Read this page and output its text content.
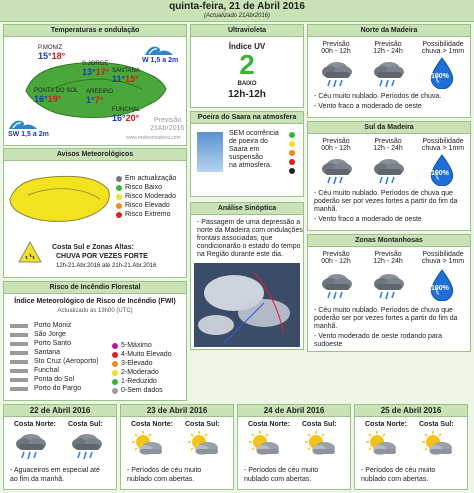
quinta-feira, 21 de Abril 2016
(Actualizado 21Abr2016)
Temperaturas e ondulação
P.MONIZ
15°18°
S.JORGE
13°17° SANTANA
11°15°
PONTA DO SOL
16°19°
AREEIRO
1°7°
FUNCHAL
16°20°
W 1,5 a 2m
SW 1,5 a 2m
Previsão
21Abr2016
www.meteomadeira.com
Ultravioleta
Índice UV
2
BAIXO
12h-12h
Norte da Madeira
Previsão
00h - 12h
Previsão
12h - 24h
Possibilidade
chuva > 1mm
100%
- Céu muito nublado. Períodos de chuva.
- Vento fraco a moderado de oeste
Poeira do Saara na atmosfera
SEM ocorrência
de poeira do
Saara em
suspensão
na atmosfera.
Avisos Meteorológicos
Em actualização
Risco Baixo
Risco Moderado
Risco Elevado
Risco Extremo
Costa Sul e Zonas Altas:
CHUVA POR VEZES FORTE
12h-21.Abr.2016 até 21h-21.Abr.2016
Sul da Madeira
Previsão
00h - 12h
Previsão
12h - 24h
Possibilidade
chuva > 1mm
100%
- Céu muito nublado. Períodos de chuva que
poderão ser por vezes fortes a partir do fim da
manhã.
- Vento fraco a moderado de oeste
Análise Sinóptica
- Passagem de uma depressão a
norte da Madeira com ondulações
frontais associadas, que
condicionarão o estado do tempo
na Região durante este dia.
Zonas Montanhosas
Previsão
00h - 12h
Previsão
12h - 24h
Possibilidade
chuva > 1mm
100%
- Céu muito nublado. Períodos de chuva que
poderão ser por vezes fortes a partir do fim da
manhã.
- Vento moderado de oeste rodando para
sudoeste
Risco de Incêndio Florestal
Índice Meteorológico de Risco de Incêndio (FWI)
Actualizado às 13h00 (UTC)
Porto Moniz
São Jorge
Porto Santo
Santana
Sto Cruz (Aeroporto)
Funchal
Ponta do Sol
Porto do Pargo
5-Máximo
4-Muito Elevado
3-Elevado
2-Moderado
1-Reduzido
0-Sem dados
22 de Abril 2016
Costa Norte: Costa Sul:
- Aguaceiros em especial até
ao fim da manhã.
23 de Abril 2016
Costa Norte: Costa Sul:
- Períodos de céu muito
nublado com abertas.
24 de Abril 2016
Costa Norte: Costa Sul:
- Períodos de céu muito
nublado com abertas.
25 de Abril 2016
Costa Norte: Costa Sul:
- Períodos de céu muito
nublado com abertas.
